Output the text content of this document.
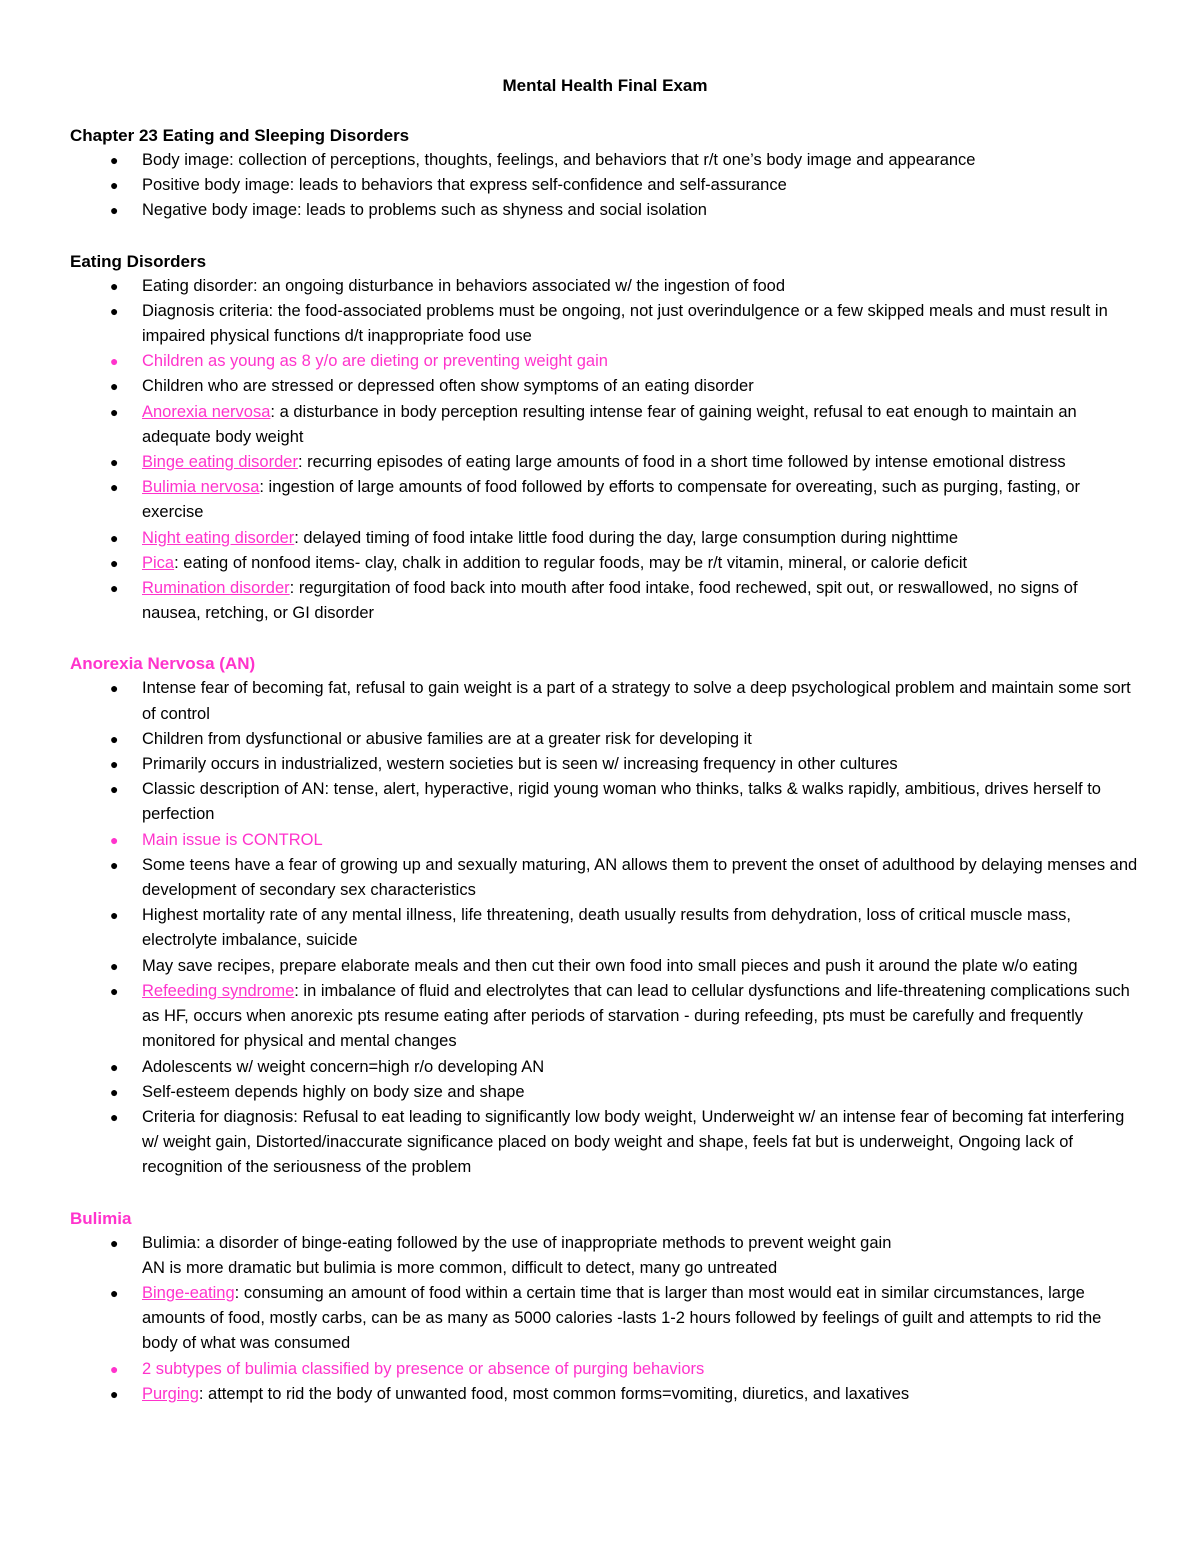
Mental Health Final Exam
Chapter 23 Eating and Sleeping Disorders
● Body image: collection of perceptions, thoughts, feelings, and behaviors that r/t one’s body image and appearance
● Positive body image: leads to behaviors that express self-confidence and self-assurance
● Negative body image: leads to problems such as shyness and social isolation
Eating Disorders
● Eating disorder: an ongoing disturbance in behaviors associated w/ the ingestion of food
● Diagnosis criteria: the food-associated problems must be ongoing, not just overindulgence or a few skipped meals and must result in impaired physical functions d/t inappropriate food use
● Children as young as 8 y/o are dieting or preventing weight gain
● Children who are stressed or depressed often show symptoms of an eating disorder
● Anorexia nervosa: a disturbance in body perception resulting intense fear of gaining weight, refusal to eat enough to maintain an adequate body weight
● Binge eating disorder: recurring episodes of eating large amounts of food in a short time followed by intense emotional distress
● Bulimia nervosa: ingestion of large amounts of food followed by efforts to compensate for overeating, such as purging, fasting, or exercise
● Night eating disorder: delayed timing of food intake little food during the day, large consumption during nighttime
● Pica: eating of nonfood items- clay, chalk in addition to regular foods, may be r/t vitamin, mineral, or calorie deficit
● Rumination disorder: regurgitation of food back into mouth after food intake, food rechewed, spit out, or reswallowed, no signs of nausea, retching, or GI disorder
Anorexia Nervosa (AN)
● Intense fear of becoming fat, refusal to gain weight is a part of a strategy to solve a deep psychological problem and maintain some sort of control
● Children from dysfunctional or abusive families are at a greater risk for developing it
● Primarily occurs in industrialized, western societies but is seen w/ increasing frequency in other cultures
● Classic description of AN: tense, alert, hyperactive, rigid young woman who thinks, talks & walks rapidly, ambitious, drives herself to perfection
● Main issue is CONTROL
● Some teens have a fear of growing up and sexually maturing, AN allows them to prevent the onset of adulthood by delaying menses and development of secondary sex characteristics
● Highest mortality rate of any mental illness, life threatening, death usually results from dehydration, loss of critical muscle mass, electrolyte imbalance, suicide
● May save recipes, prepare elaborate meals and then cut their own food into small pieces and push it around the plate w/o eating
● Refeeding syndrome: in imbalance of fluid and electrolytes that can lead to cellular dysfunctions and life-threatening complications such as HF, occurs when anorexic pts resume eating after periods of starvation - during refeeding, pts must be carefully and frequently monitored for physical and mental changes
● Adolescents w/ weight concern=high r/o developing AN
● Self-esteem depends highly on body size and shape
● Criteria for diagnosis: Refusal to eat leading to significantly low body weight, Underweight w/ an intense fear of becoming fat interfering w/ weight gain, Distorted/inaccurate significance placed on body weight and shape, feels fat but is underweight, Ongoing lack of recognition of the seriousness of the problem
Bulimia
● Bulimia: a disorder of binge-eating followed by the use of inappropriate methods to prevent weight gain
AN is more dramatic but bulimia is more common, difficult to detect, many go untreated
● Binge-eating: consuming an amount of food within a certain time that is larger than most would eat in similar circumstances, large amounts of food, mostly carbs, can be as many as 5000 calories -lasts 1-2 hours followed by feelings of guilt and attempts to rid the body of what was consumed
● 2 subtypes of bulimia classified by presence or absence of purging behaviors
● Purging: attempt to rid the body of unwanted food, most common forms=vomiting, diuretics, and laxatives
